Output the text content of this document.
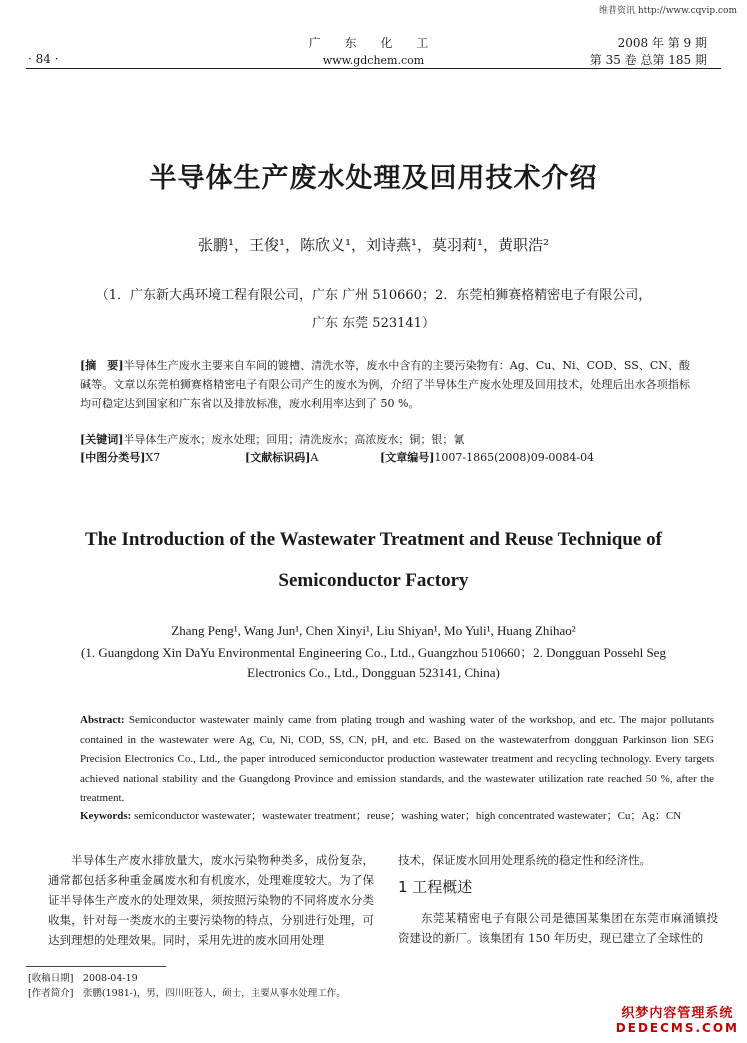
维普资讯 http://www.cqvip.com
· 84 ·
广 东 化 工
www.gdchem.com
2008 年 第 9 期
第 35 卷 总第 185 期
半导体生产废水处理及回用技术介绍
张鹏¹，王俊¹，陈欣义¹，刘诗燕¹，莫羽莉¹，黄职浩²
（1．广东新大禹环境工程有限公司，广东 广州 510660；2．东莞柏狮赛格精密电子有限公司，
广东 东莞 523141）
[摘　要]半导体生产废水主要来自车间的镀槽、清洗水等，废水中含有的主要污染物有：Ag、Cu、Ni、COD、SS、CN、酸碱等。文章以东莞柏狮赛格精密电子有限公司产生的废水为例，介绍了半导体生产废水处理及回用技术，处理后出水各项指标均可稳定达到国家和广东省以及排放标准，废水利用率达到了 50 %。
[关键词]半导体生产废水；废水处理；回用；清洗废水；高浓废水；铜；银；氰
[中图分类号]X7	[文献标识码]A	[文章编号]1007-1865(2008)09-0084-04
The Introduction of the Wastewater Treatment and Reuse Technique of
Semiconductor Factory
Zhang Peng¹, Wang Jun¹, Chen Xinyi¹, Liu Shiyan¹, Mo Yuli¹, Huang Zhihao²
(1. Guangdong Xin DaYu Environmental Engineering Co., Ltd., Guangzhou 510660；2. Dongguan Possehl Seg Electronics Co., Ltd., Dongguan 523141, China)
Abstract: Semiconductor wastewater mainly came from plating trough and washing water of the workshop, and etc. The major pollutants contained in the wastewater were Ag, Cu, Ni, COD, SS, CN, pH, and etc. Based on the wastewaterfrom dongguan Parkinson lion SEG Precision Electronics Co., Ltd., the paper introduced semiconductor production wastewater treatment and recycling technology. Every targets achieved national stability and the Guangdong Province and emission standards, and the wastewater utilization rate reached 50 %, after the treatment.
Keywords: semiconductor wastewater；wastewater treatment；reuse；washing water；high concentrated wastewater；Cu；Ag：CN
半导体生产废水排放量大，废水污染物种类多，成份复杂，通常都包括多种重金属废水和有机废水，处理难度较大。为了保证半导体生产废水的处理效果，须按照污染物的不同将废水分类收集，针对每一类废水的主要污染物的特点，分别进行处理，可达到理想的处理效果。同时，采用先进的废水回用处理
技术，保证废水回用处理系统的稳定性和经济性。
1 工程概述
东莞某精密电子有限公司是德国某集团在东莞市麻涌镇投资建设的新厂。该集团有 150 年历史，现已建立了全球性的
[收稿日期]　2008-04-19
[作者简介]　张鹏(1981-)，男，四川旺苍人，硕士，主要从事水处理工作。
织梦内容管理系统
DEDECMS.COM
